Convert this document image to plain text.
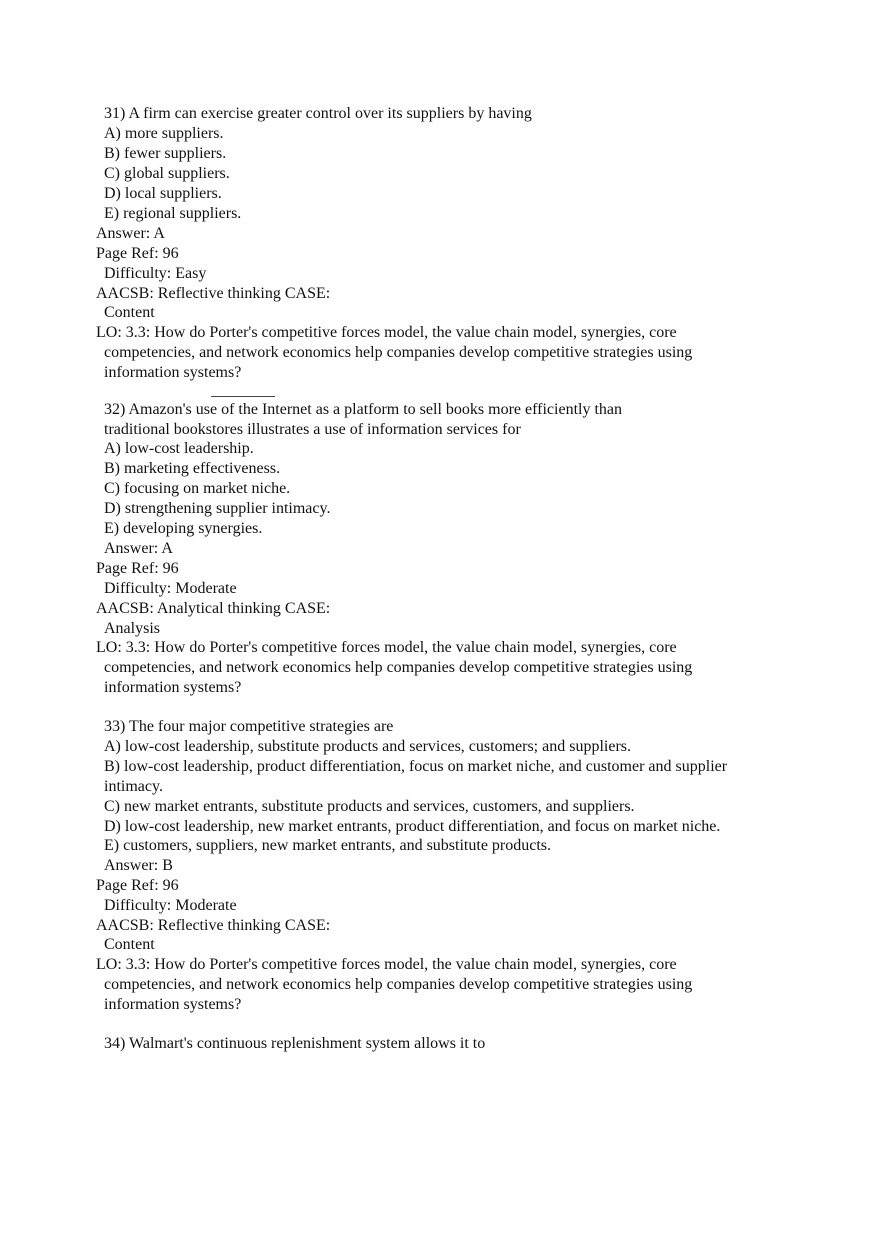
31) A firm can exercise greater control over its suppliers by having
A) more suppliers.
B) fewer suppliers.
C) global suppliers.
D) local suppliers.
E) regional suppliers.
Answer: A
Page Ref: 96
Difficulty: Easy
AACSB: Reflective thinking CASE:
Content
LO: 3.3: How do Porter's competitive forces model, the value chain model, synergies, core
competencies, and network economics help companies develop competitive strategies using
information systems?
32) Amazon's use of the Internet as a platform to sell books more efficiently than
traditional bookstores illustrates a use of information services for
A) low-cost leadership.
B) marketing effectiveness.
C) focusing on market niche.
D) strengthening supplier intimacy.
E) developing synergies.
Answer: A
Page Ref: 96
Difficulty: Moderate
AACSB: Analytical thinking CASE:
Analysis
LO: 3.3: How do Porter's competitive forces model, the value chain model, synergies, core
competencies, and network economics help companies develop competitive strategies using
information systems?
33) The four major competitive strategies are
A) low-cost leadership, substitute products and services, customers; and suppliers.
B) low-cost leadership, product differentiation, focus on market niche, and customer and supplier
intimacy.
C) new market entrants, substitute products and services, customers, and suppliers.
D) low-cost leadership, new market entrants, product differentiation, and focus on market niche.
E) customers, suppliers, new market entrants, and substitute products.
Answer: B
Page Ref: 96
Difficulty: Moderate
AACSB: Reflective thinking CASE:
Content
LO: 3.3: How do Porter's competitive forces model, the value chain model, synergies, core
competencies, and network economics help companies develop competitive strategies using
information systems?
34) Walmart's continuous replenishment system allows it to
